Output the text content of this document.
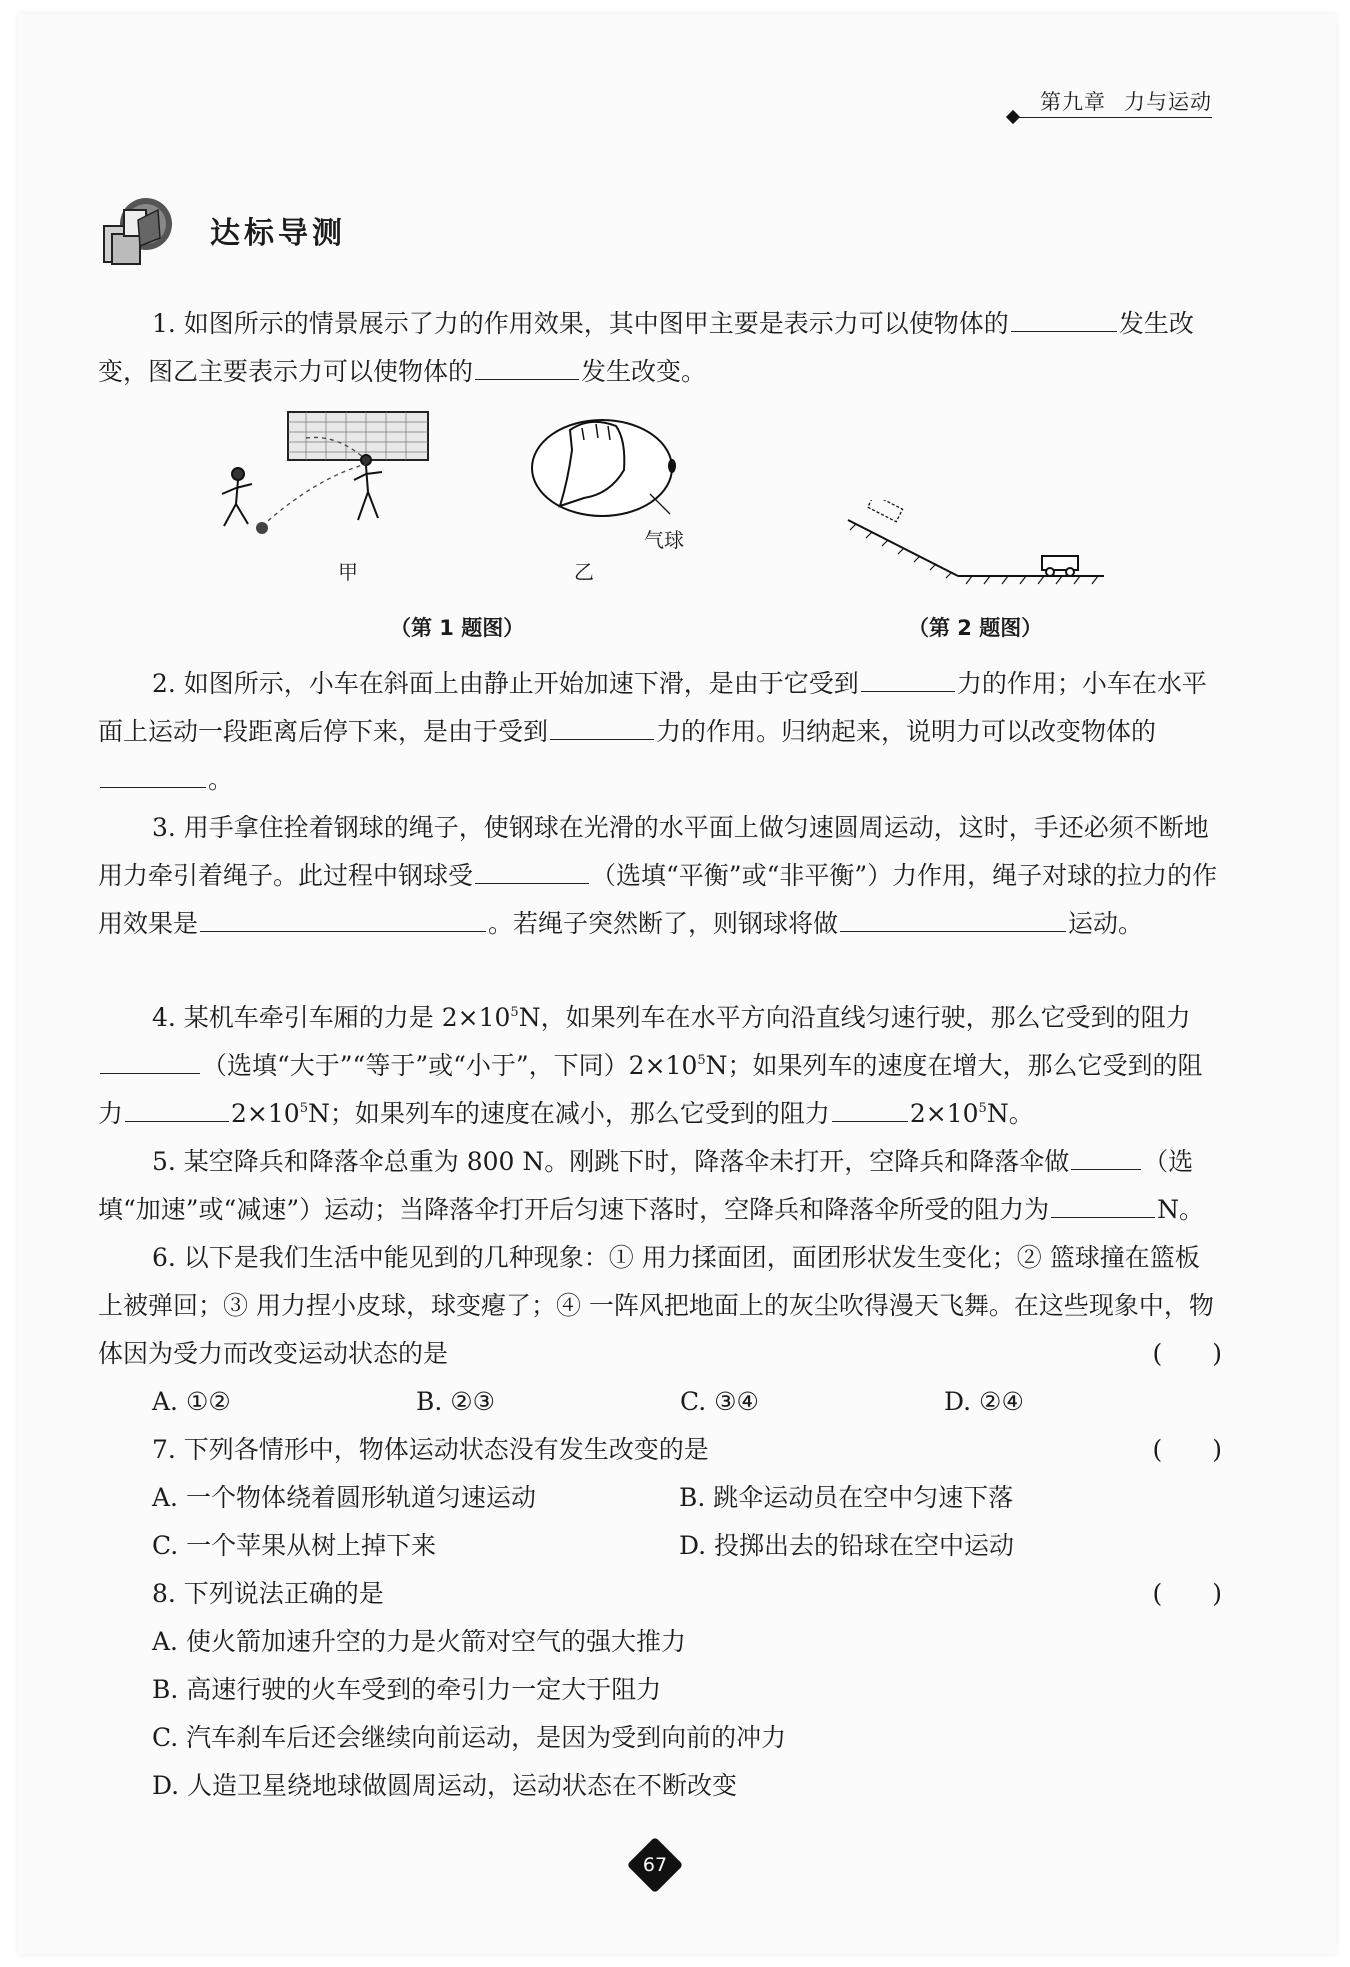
第九章 力与运动
达标导测

1. 如图所示的情景展示了力的作用效果，其中图甲主要是表示力可以使物体的	发生改变，图乙主要表示力可以使物体的	发生改变。

甲
气球
乙
（第 1 题图）	（第 2 题图）

2. 如图所示，小车在斜面上由静止开始加速下滑，是由于它受到	力的作用；小车在水平面上运动一段距离后停下来，是由于受到	力的作用。归纳起来，说明力可以改变物体的。

3. 用手拿住拴着钢球的绳子，使钢球在光滑的水平面上做匀速圆周运动，这时，手还必须不断地用力牵引着绳子。此过程中钢球受	（选填“平衡”或“非平衡”）力作用，绳子对球的拉力的作用效果是	。若绳子突然断了，则钢球将做	运动。

4. 某机车牵引车厢的力是 $2\times 10^5N$，如果列车在水平方向沿直线匀速行驶，那么它受到的阻力（选填“大于”“等于”或“小于”，下同）$2\times 10^5N$；如果列车的速度在增大，那么它受到的阻力	$2\times 10^5N$；如果列车的速度在减小，那么它受到的阻力	$2\times 10^5N$。

5. 某空降兵和降落伞总重为 800 N。刚跳下时，降落伞未打开，空降兵和降落伞做	（选填“加速”或“减速”）运动；当降落伞打开后匀速下落时，空降兵和降落伞所受的阻力为	N。

6. 以下是我们生活中能见到的几种现象：① 用力揉面团，面团形状发生变化；② 篮球撞在篮板上被弹回；③ 用力捏小皮球，球变瘪了；④ 一阵风把地面上的灰尘吹得漫天飞舞。在这些现象中，物体因为受力而改变运动状态的是	(　　)

A. ①②	B. ②③	C. ③④	D. ②④

7. 下列各情形中，物体运动状态没有发生改变的是	(　　)

A. 一个物体绕着圆形轨道匀速运动	B. 跳伞运动员在空中匀速下落
C. 一个苹果从树上掉下来	D. 投掷出去的铅球在空中运动

8. 下列说法正确的是	(　　)

A. 使火箭加速升空的力是火箭对空气的强大推力
B. 高速行驶的火车受到的牵引力一定大于阻力
C. 汽车刹车后还会继续向前运动，是因为受到向前的冲力
D. 人造卫星绕地球做圆周运动，运动状态在不断改变
67
